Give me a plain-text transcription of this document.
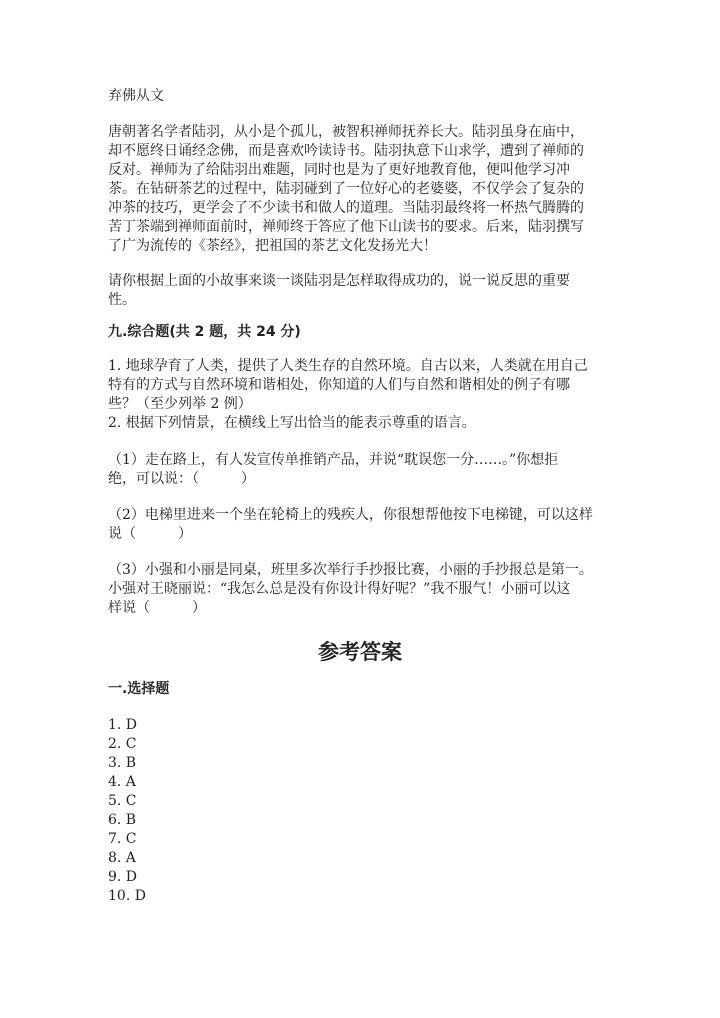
弃佛从文
唐朝著名学者陆羽，从小是个孤儿，被智积禅师抚养长大。陆羽虽身在庙中，
却不愿终日诵经念佛，而是喜欢吟读诗书。陆羽执意下山求学，遭到了禅师的
反对。禅师为了给陆羽出难题，同时也是为了更好地教育他，便叫他学习冲
茶。在钻研茶艺的过程中，陆羽碰到了一位好心的老婆婆，不仅学会了复杂的
冲茶的技巧，更学会了不少读书和做人的道理。当陆羽最终将一杯热气腾腾的
苦丁茶端到禅师面前时，禅师终于答应了他下山读书的要求。后来，陆羽撰写
了广为流传的《茶经》，把祖国的茶艺文化发扬光大！
请你根据上面的小故事来谈一谈陆羽是怎样取得成功的，说一说反思的重要
性。
九.综合题(共 2 题，共 24 分)
1. 地球孕育了人类，提供了人类生存的自然环境。自古以来，人类就在用自己
特有的方式与自然环境和谐相处，你知道的人们与自然和谐相处的例子有哪
些？（至少列举 2 例）
2. 根据下列情景，在横线上写出恰当的能表示尊重的语言。
（1）走在路上，有人发宣传单推销产品，并说“耽误您一分……。”你想拒
绝，可以说：（　　　）
（2）电梯里进来一个坐在轮椅上的残疾人，你很想帮他按下电梯键，可以这样
说（　　　）
（3）小强和小丽是同桌，班里多次举行手抄报比赛，小丽的手抄报总是第一。
小强对王晓丽说：“我怎么总是没有你设计得好呢？”我不服气！小丽可以这
样说（　　　）
参考答案
一.选择题
1. D
2. C
3. B
4. A
5. C
6. B
7. C
8. A
9. D
10. D
